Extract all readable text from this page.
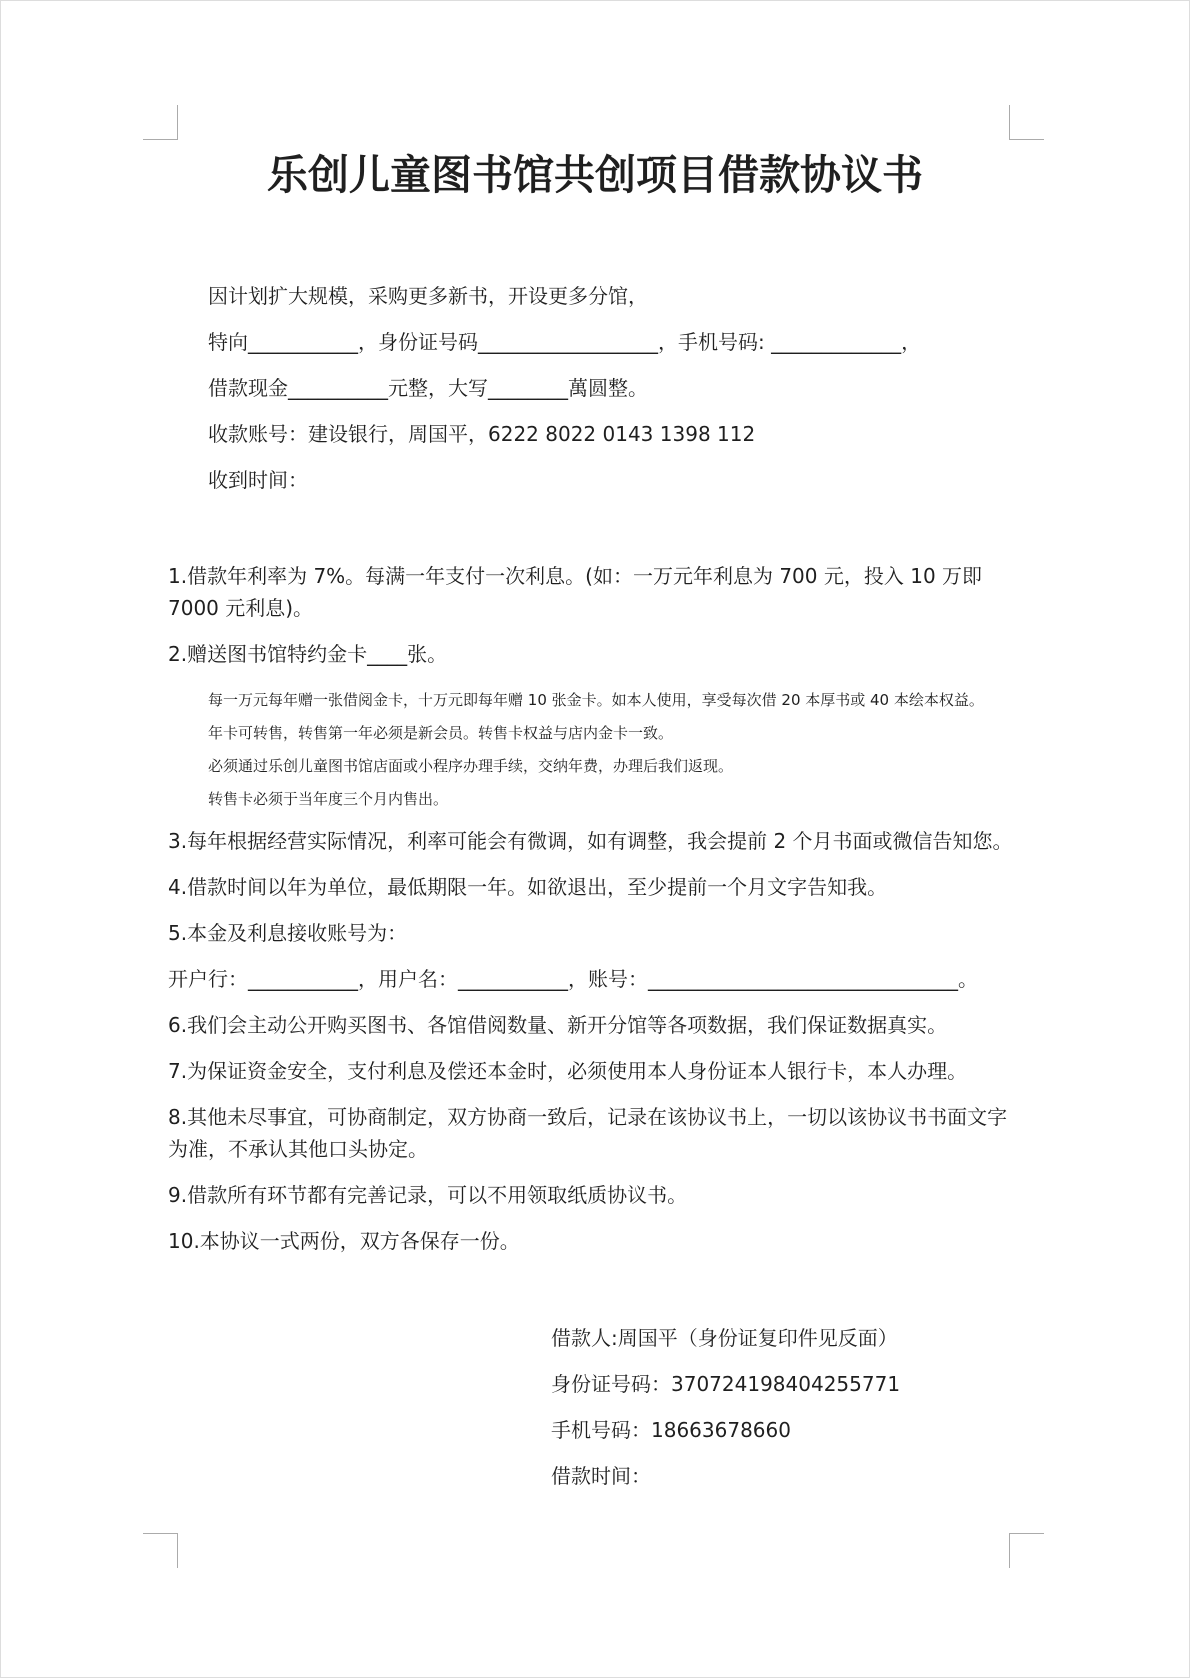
乐创儿童图书馆共创项目借款协议书

因计划扩大规模，采购更多新书，开设更多分馆，

特向___________，身份证号码__________________，手机号码: _____________，

借款现金__________元整，大写________萬圆整。

收款账号：建设银行，周国平，6222 8022 0143 1398 112

收到时间：

1.借款年利率为 7%。每满一年支付一次利息。(如：一万元年利息为 700 元，投入 10 万即 7000 元利息)。

2.赠送图书馆特约金卡____张。

每一万元每年赠一张借阅金卡，十万元即每年赠 10 张金卡。如本人使用，享受每次借 20 本厚书或 40 本绘本权益。

年卡可转售，转售第一年必须是新会员。转售卡权益与店内金卡一致。

必须通过乐创儿童图书馆店面或小程序办理手续，交纳年费，办理后我们返现。

转售卡必须于当年度三个月内售出。

3.每年根据经营实际情况，利率可能会有微调，如有调整，我会提前 2 个月书面或微信告知您。

4.借款时间以年为单位，最低期限一年。如欲退出，至少提前一个月文字告知我。

5.本金及利息接收账号为：

开户行：___________，用户名：___________，账号：_______________________________。

6.我们会主动公开购买图书、各馆借阅数量、新开分馆等各项数据，我们保证数据真实。

7.为保证资金安全，支付利息及偿还本金时，必须使用本人身份证本人银行卡，本人办理。

8.其他未尽事宜，可协商制定，双方协商一致后，记录在该协议书上，一切以该协议书书面文字为准，不承认其他口头协定。

9.借款所有环节都有完善记录，可以不用领取纸质协议书。

10.本协议一式两份，双方各保存一份。

借款人:周国平（身份证复印件见反面）

身份证号码：370724198404255771

手机号码：18663678660

借款时间：
